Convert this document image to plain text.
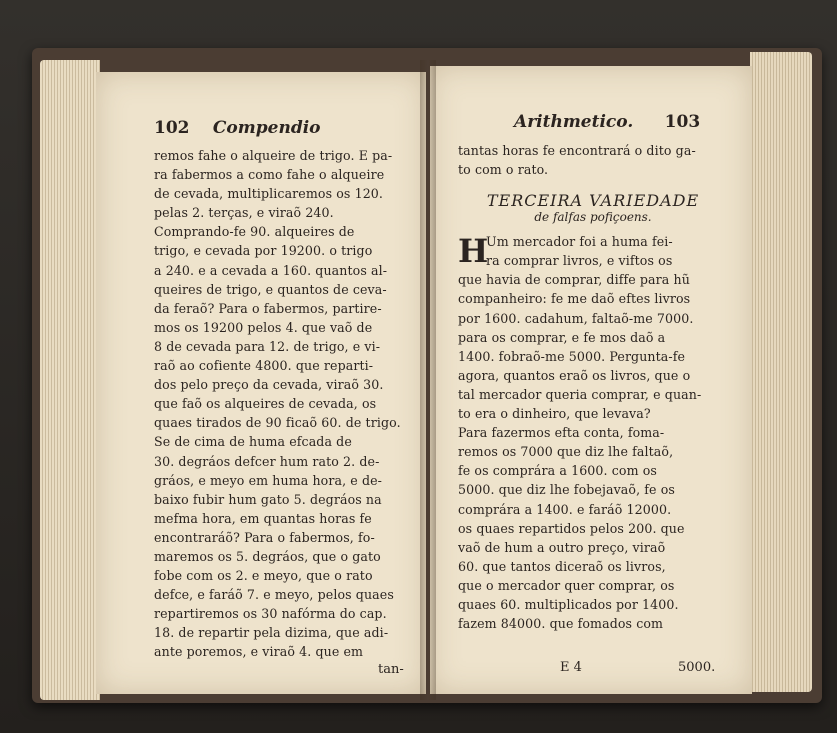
102 Compendio
remos fahe o alqueire de trigo. E pa-
ra fabermos a como fahe o alqueire
de cevada, multiplicaremos os 120.
pelas 2. terças, e viraõ 240.
Comprando-fe 90. alqueires de
trigo, e cevada por 19200. o trigo
a 240. e a cevada a 160. quantos al-
queires de trigo, e quantos de ceva-
da feraõ? Para o fabermos, partire-
mos os 19200 pelos 4. que vaõ de
8 de cevada para 12. de trigo, e vi-
raõ ao cofiente 4800. que reparti-
dos pelo preço da cevada, viraõ 30.
que faõ os alqueires de cevada, os
quaes tirados de 90 ficaõ 60. de trigo.
Se de cima de huma efcada de
30. degráos defcer hum rato 2. de-
gráos, e meyo em huma hora, e de-
baixo fubir hum gato 5. degráos na
mefma hora, em quantas horas fe
encontraráõ? Para o fabermos, fo-
maremos os 5. degráos, que o gato
fobe com os 2. e meyo, que o rato
defce, e faráõ 7. e meyo, pelos quaes
repartiremos os 30 nafórma do cap.
18. de repartir pela dizima, que adi-
ante poremos, e viraõ 4. que em
tan-
Arithmetico. 103
tantas horas fe encontrará o dito ga-
to com o rato.
TERCEIRA VARIEDADE
de falfas pofiçoens.
H
Um mercador foi a huma fei-
ra comprar livros, e viftos os
que havia de comprar, diffe para hũ
companheiro: fe me daõ eftes livros
por 1600. cadahum, faltaõ-me 7000.
para os comprar, e fe mos daõ a
1400. fobraõ-me 5000. Pergunta-fe
agora, quantos eraõ os livros, que o
tal mercador queria comprar, e quan-
to era o dinheiro, que levava?
Para fazermos efta conta, foma-
remos os 7000 que diz lhe faltaõ,
fe os comprára a 1600. com os
5000. que diz lhe fobejavaõ, fe os
comprára a 1400. e faráõ 12000.
os quaes repartidos pelos 200. que
vaõ de hum a outro preço, viraõ
60. que tantos diceraõ os livros,
que o mercador quer comprar, os
quaes 60. multiplicados por 1400.
fazem 84000. que fomados com
E 4	5000.
